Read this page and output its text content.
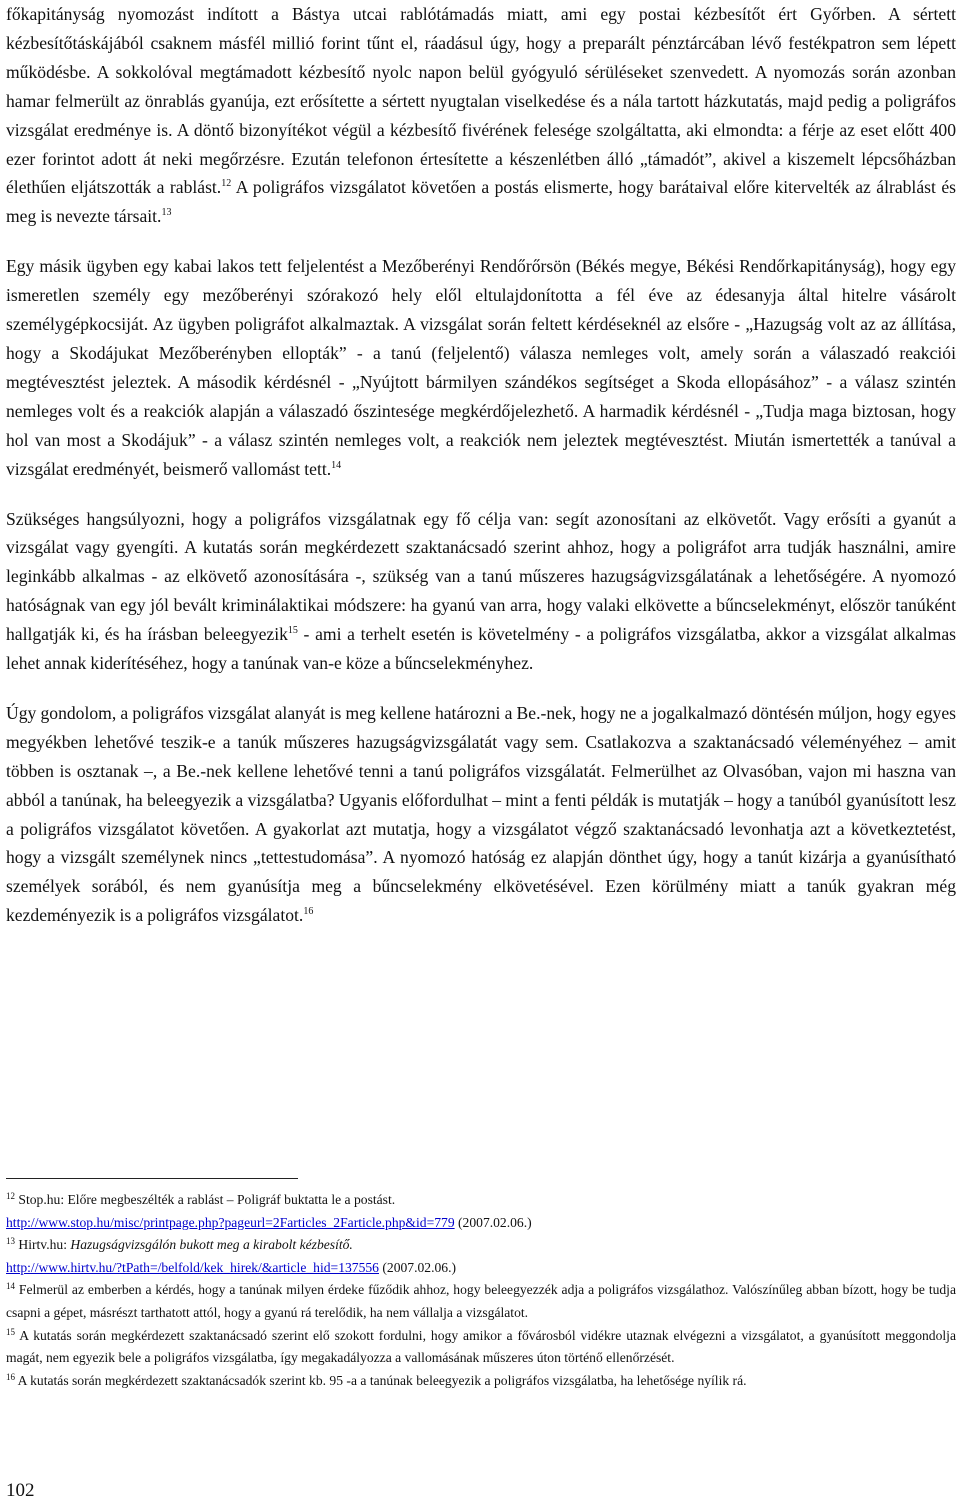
főkapitányság nyomozást indított a Bástya utcai rablótámadás miatt, ami egy postai kézbesítőt ért Győrben. A sértett kézbesítőtáskájából csaknem másfél millió forint tűnt el, ráadásul úgy, hogy a preparált pénztárcában lévő festékpatron sem lépett működésbe. A sokkolóval megtámadott kézbesítő nyolc napon belül gyógyuló sérüléseket szenvedett. A nyomozás során azonban hamar felmerült az önrablás gyanúja, ezt erősítette a sértett nyugtalan viselkedése és a nála tartott házkutatás, majd pedig a poligráfos vizsgálat eredménye is. A döntő bizonyítékot végül a kézbesítő fivérének felesége szolgáltatta, aki elmondta: a férje az eset előtt 400 ezer forintot adott át neki megőrzésre. Ezután telefonon értesítette a készenlétben álló „támadót”, akivel a kiszemelt lépcsőházban élethűen eljátszották a rablást.$^{12}$ A poligráfos vizsgálatot követően a postás elismerte, hogy barátaival előre kitervelték az álrablást és meg is nevezte társait.$^{13}$

Egy másik ügyben egy kabai lakos tett feljelentést a Mezőberényi Rendőrőrsön (Békés megye, Békési Rendőrkapitányság), hogy egy ismeretlen személy egy mezőberényi szórakozó hely elől eltulajdonította a fél éve az édesanyja által hitelre vásárolt személygépkocsiját. Az ügyben poligráfot alkalmaztak. A vizsgálat során feltett kérdéseknél az elsőre - „Hazugság volt az az állítása, hogy a Skodájukat Mezőberényben ellopták” - a tanú (feljelentő) válasza nemleges volt, amely során a válaszadó reakciói megtévesztést jeleztek. A második kérdésnél - „Nyújtott bármilyen szándékos segítséget a Skoda ellopásához” - a válasz szintén nemleges volt és a reakciók alapján a válaszadó őszintesége megkérdőjelezhető. A harmadik kérdésnél - „Tudja maga biztosan, hogy hol van most a Skodájuk” - a válasz szintén nemleges volt, a reakciók nem jeleztek megtévesztést. Miután ismertették a tanúval a vizsgálat eredményét, beismerő vallomást tett.$^{14}$

Szükséges hangsúlyozni, hogy a poligráfos vizsgálatnak egy fő célja van: segít azonosítani az elkövetőt. Vagy erősíti a gyanút a vizsgálat vagy gyengíti. A kutatás során megkérdezett szaktanácsadó szerint ahhoz, hogy a poligráfot arra tudják használni, amire leginkább alkalmas - az elkövető azonosítására -, szükség van a tanú műszeres hazugságvizsgálatának a lehetőségére. A nyomozó hatóságnak van egy jól bevált kriminálaktikai módszere: ha gyanú van arra, hogy valaki elkövette a bűncselekményt, először tanúként hallgatják ki, és ha írásban beleegyezik$^{15}$ - ami a terhelt esetén is követelmény - a poligráfos vizsgálatba, akkor a vizsgálat alkalmas lehet annak kiderítéséhez, hogy a tanúnak van-e köze a bűncselekményhez.

Úgy gondolom, a poligráfos vizsgálat alanyát is meg kellene határozni a Be.-nek, hogy ne a jogalkalmazó döntésén múljon, hogy egyes megyékben lehetővé teszik-e a tanúk műszeres hazugságvizsgálatát vagy sem. Csatlakozva a szaktanácsadó véleményéhez – amit többen is osztanak –, a Be.-nek kellene lehetővé tenni a tanú poligráfos vizsgálatát. Felmerülhet az Olvasóban, vajon mi haszna van abból a tanúnak, ha beleegyezik a vizsgálatba? Ugyanis előfordulhat – mint a fenti példák is mutatják – hogy a tanúból gyanúsított lesz a poligráfos vizsgálatot követően. A gyakorlat azt mutatja, hogy a vizsgálatot végző szaktanácsadó levonhatja azt a következtetést, hogy a vizsgált személynek nincs „tettestudomása”. A nyomozó hatóság ez alapján dönthet úgy, hogy a tanút kizárja a gyanúsítható személyek sorából, és nem gyanúsítja meg a bűncselekmény elkövetésével. Ezen körülmény miatt a tanúk gyakran még kezdeményezik is a poligráfos vizsgálatot.$^{16}$

$^{12}$ Stop.hu: Előre megbeszélték a rablást – Poligráf buktatta le a postást.
http://www.stop.hu/misc/printpage.php?pageurl=2Farticles_2Farticle.php&id=779 (2007.02.06.)

$^{13}$ Hirtv.hu: Hazugságvizsgálón bukott meg a kirabolt kézbesítő.
http://www.hirtv.hu/?tPath=/belfold/kek_hirek/&article_hid=137556 (2007.02.06.)

$^{14}$ Felmerül az emberben a kérdés, hogy a tanúnak milyen érdeke fűződik ahhoz, hogy beleegyezzék adja a poligráfos vizsgálathoz. Valószínűleg abban bízott, hogy be tudja csapni a gépet, másrészt tarthatott attól, hogy a gyanú rá terelődik, ha nem vállalja a vizsgálatot.

$^{15}$ A kutatás során megkérdezett szaktanácsadó szerint elő szokott fordulni, hogy amikor a fővárosból vidékre utaznak elvégezni a vizsgálatot, a gyanúsított meggondolja magát, nem egyezik bele a poligráfos vizsgálatba, így megakadályozza a vallomásának műszeres úton történő ellenőrzését.

$^{16}$ A kutatás során megkérdezett szaktanácsadók szerint kb. 95 -a a tanúnak beleegyezik a poligráfos vizsgálatba, ha lehetősége nyílik rá.

102
